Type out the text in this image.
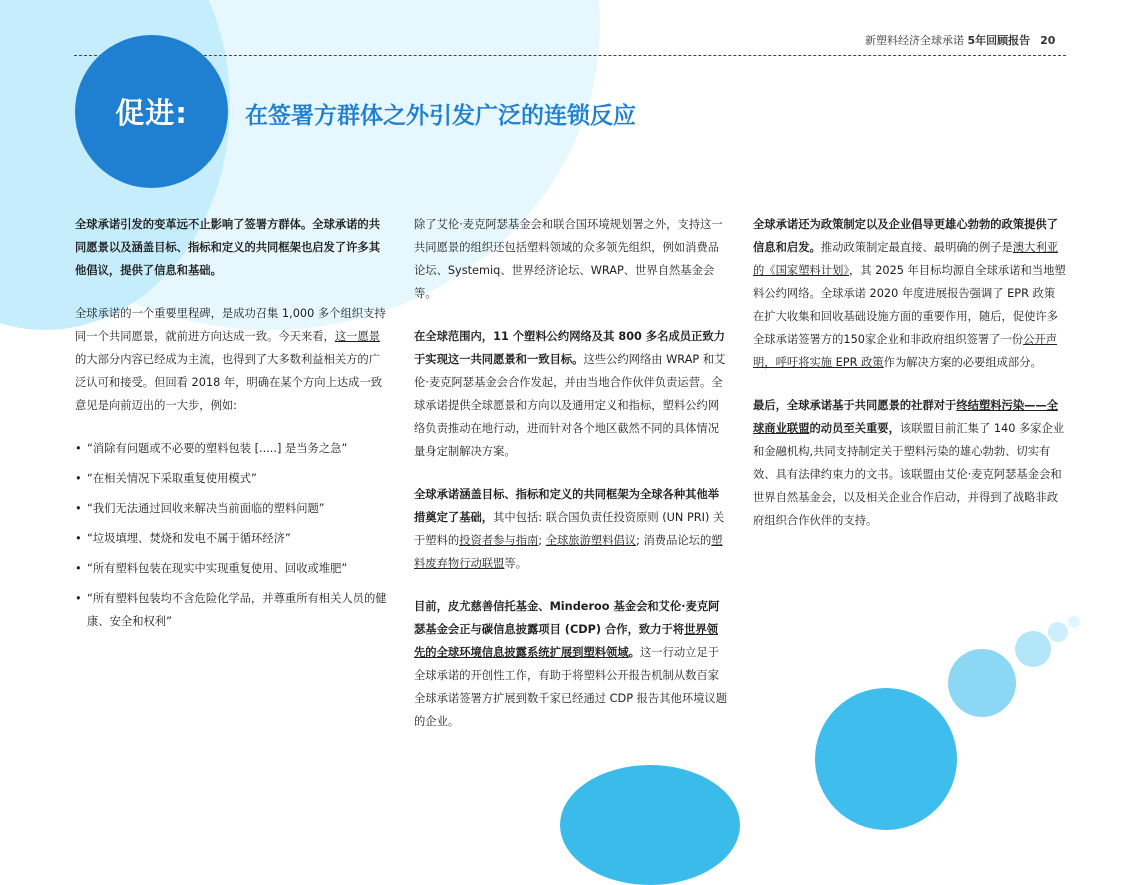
新塑料经济全球承诺 5年回顾报告 20
促进:	在签署方群体之外引发广泛的连锁反应

全球承诺引发的变革远不止影响了签署方群体。全球承诺的共同愿景以及涵盖目标、指标和定义的共同框架也启发了许多其他倡议，提供了信息和基础。

全球承诺的一个重要里程碑，是成功召集 1,000 多个组织支持同一个共同愿景，就前进方向达成一致。今天来看，这一愿景的大部分内容已经成为主流，也得到了大多数利益相关方的广泛认可和接受。但回看 2018 年，明确在某个方向上达成一致意见是向前迈出的一大步，例如:

• “消除有问题或不必要的塑料包装 [.....] 是当务之急”
• “在相关情况下采取重复使用模式”
• “我们无法通过回收来解决当前面临的塑料问题”
• “垃圾填埋、焚烧和发电不属于循环经济”
• “所有塑料包装在现实中实现重复使用、回收或堆肥”
• “所有塑料包装均不含危险化学品，并尊重所有相关人员的健康、安全和权利”

除了艾伦·麦克阿瑟基金会和联合国环境规划署之外，支持这一共同愿景的组织还包括塑料领域的众多领先组织，例如消费品论坛、Systemiq、世界经济论坛、WRAP、世界自然基金会等。

在全球范围内，11 个塑料公约网络及其 800 多名成员正致力于实现这一共同愿景和一致目标。这些公约网络由 WRAP 和艾伦·麦克阿瑟基金会合作发起，并由当地合作伙伴负责运营。全球承诺提供全球愿景和方向以及通用定义和指标，塑料公约网络负责推动在地行动，进而针对各个地区截然不同的具体情况量身定制解决方案。

全球承诺涵盖目标、指标和定义的共同框架为全球各种其他举措奠定了基础，其中包括: 联合国负责任投资原则 (UN PRI) 关于塑料的投资者参与指南; 全球旅游塑料倡议; 消费品论坛的塑料废弃物行动联盟等。

目前，皮尤慈善信托基金、Minderoo 基金会和艾伦·麦克阿瑟基金会正与碳信息披露项目 (CDP) 合作，致力于将世界领先的全球环境信息披露系统扩展到塑料领域。这一行动立足于全球承诺的开创性工作，有助于将塑料公开报告机制从数百家全球承诺签署方扩展到数千家已经通过 CDP 报告其他环境议题的企业。

全球承诺还为政策制定以及企业倡导更雄心勃勃的政策提供了信息和启发。推动政策制定最直接、最明确的例子是澳大利亚的《国家塑料计划》，其 2025 年目标均源自全球承诺和当地塑料公约网络。全球承诺 2020 年度进展报告强调了 EPR 政策在扩大收集和回收基础设施方面的重要作用，随后，促使许多全球承诺签署方的150家企业和非政府组织签署了一份公开声明，呼吁将实施 EPR 政策作为解决方案的必要组成部分。

最后，全球承诺基于共同愿景的社群对于终结塑料污染——全球商业联盟的动员至关重要，该联盟目前汇集了 140 多家企业和金融机构,共同支持制定关于塑料污染的雄心勃勃、切实有效、具有法律约束力的文书。该联盟由艾伦·麦克阿瑟基金会和世界自然基金会，以及相关企业合作启动，并得到了战略非政府组织合作伙伴的支持。
